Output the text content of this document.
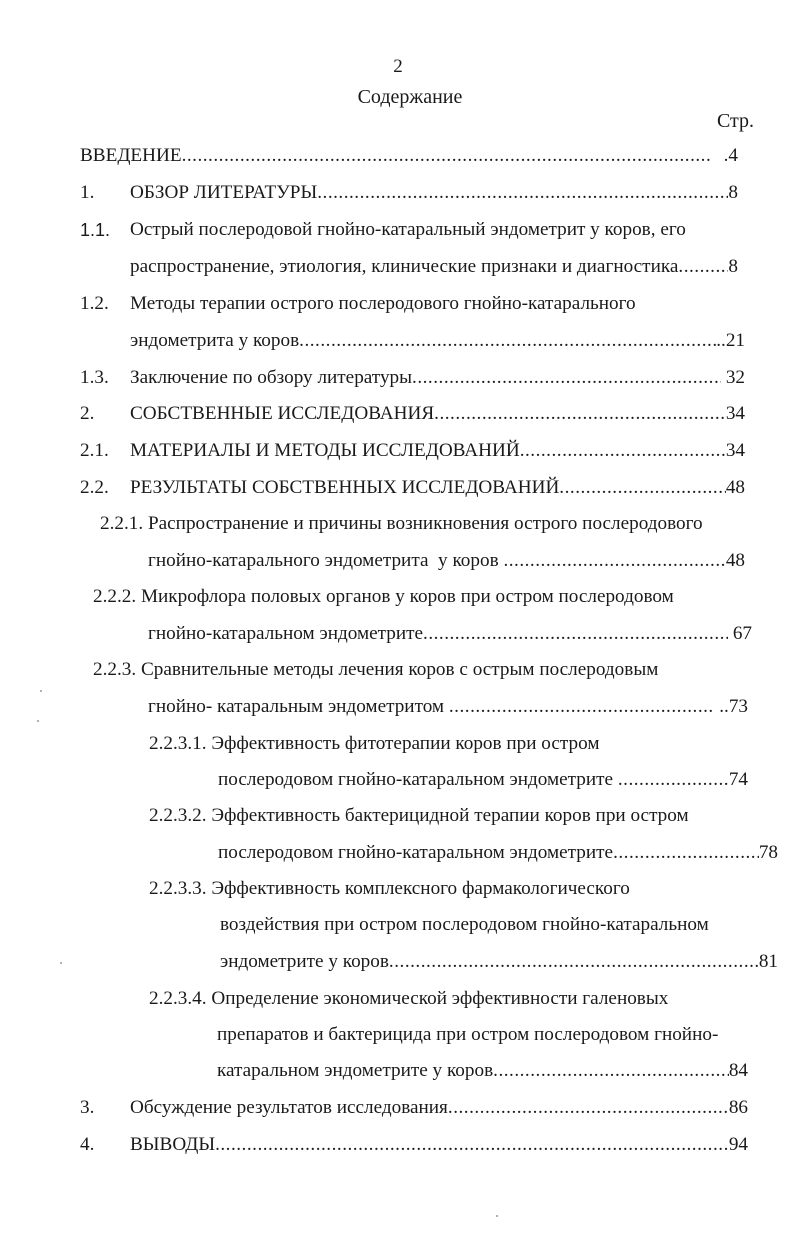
2
Содержание
Стр.
ВВЕДЕНИЕ .....	.4
1. ОБЗОР ЛИТЕРАТУРЫ .....	8
1.1. Острый послеродовой гнойно-катаральный эндометрит у коров, его
распространение, этиология, клинические признаки и диагностика .....	8
1.2. Методы терапии острого послеродового гнойно-катарального
эндометрита у коров .....	..21
1.3. Заключение по обзору литературы .....	32
2. СОБСТВЕННЫЕ ИССЛЕДОВАНИЯ .....	34
2.1. МАТЕРИАЛЫ И МЕТОДЫ ИССЛЕДОВАНИЙ .....	34
2.2. РЕЗУЛЬТАТЫ СОБСТВЕННЫХ ИССЛЕДОВАНИЙ .....	48
2.2.1. Распространение и причины возникновения острого послеродового
гнойно-катарального эндометрита  у коров .....	48
2.2.2. Микрофлора половых органов у коров при остром послеродовом
гнойно-катаральном эндометрите .....	67
2.2.3. Сравнительные методы лечения коров с острым послеродовым
гнойно- катаральным эндометритом .....	..73
2.2.3.1. Эффективность фитотерапии коров при остром
послеродовом гнойно-катаральном эндометрите .....	74
2.2.3.2. Эффективность бактерицидной терапии коров при остром
послеродовом гнойно-катаральном эндометрите .....	78
2.2.3.3. Эффективность комплексного фармакологического
воздействия при остром послеродовом гнойно-катаральном
эндометрите у коров .....	81
2.2.3.4. Определение экономической эффективности галеновых
препаратов и бактерицида при остром послеродовом гнойно-
катаральном эндометрите у коров .....	84
3. Обсуждение результатов исследования .....	86
4. ВЫВОДЫ .....	94
